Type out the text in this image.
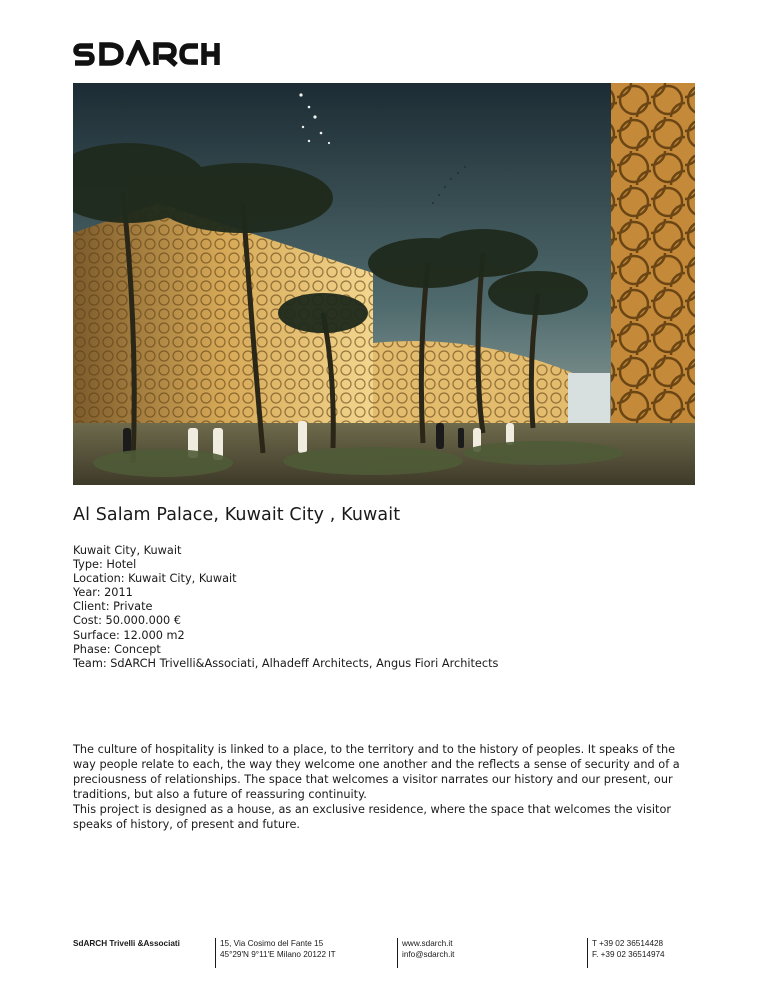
Al Salam Palace, Kuwait City , Kuwait
Kuwait City, Kuwait
Type: Hotel
Location: Kuwait City, Kuwait
Year: 2011
Client: Private
Cost: 50.000.000 €
Surface: 12.000 m2
Phase: Concept
Team: SdARCH Trivelli&Associati, Alhadeff Architects, Angus Fiori Architects

The culture of hospitality is linked to a place, to the territory and to the history of peoples. It speaks of the way people relate to each, the way they welcome one another and the reflects a sense of security and of a preciousness of relationships. The space that welcomes a visitor narrates our history and our present, our traditions, but also a future of reassuring continuity.

This project is designed as a house, as an exclusive residence, where the space that welcomes the visitor speaks of history, of present and future.

SdARCH Trivelli &Associati	15, Via Cosimo del Fante 15
45°29'N 9°11'E Milano 20122 IT
www.sdarch.it
info@sdarch.it
T +39 02 36514428
F. +39 02 36514974
